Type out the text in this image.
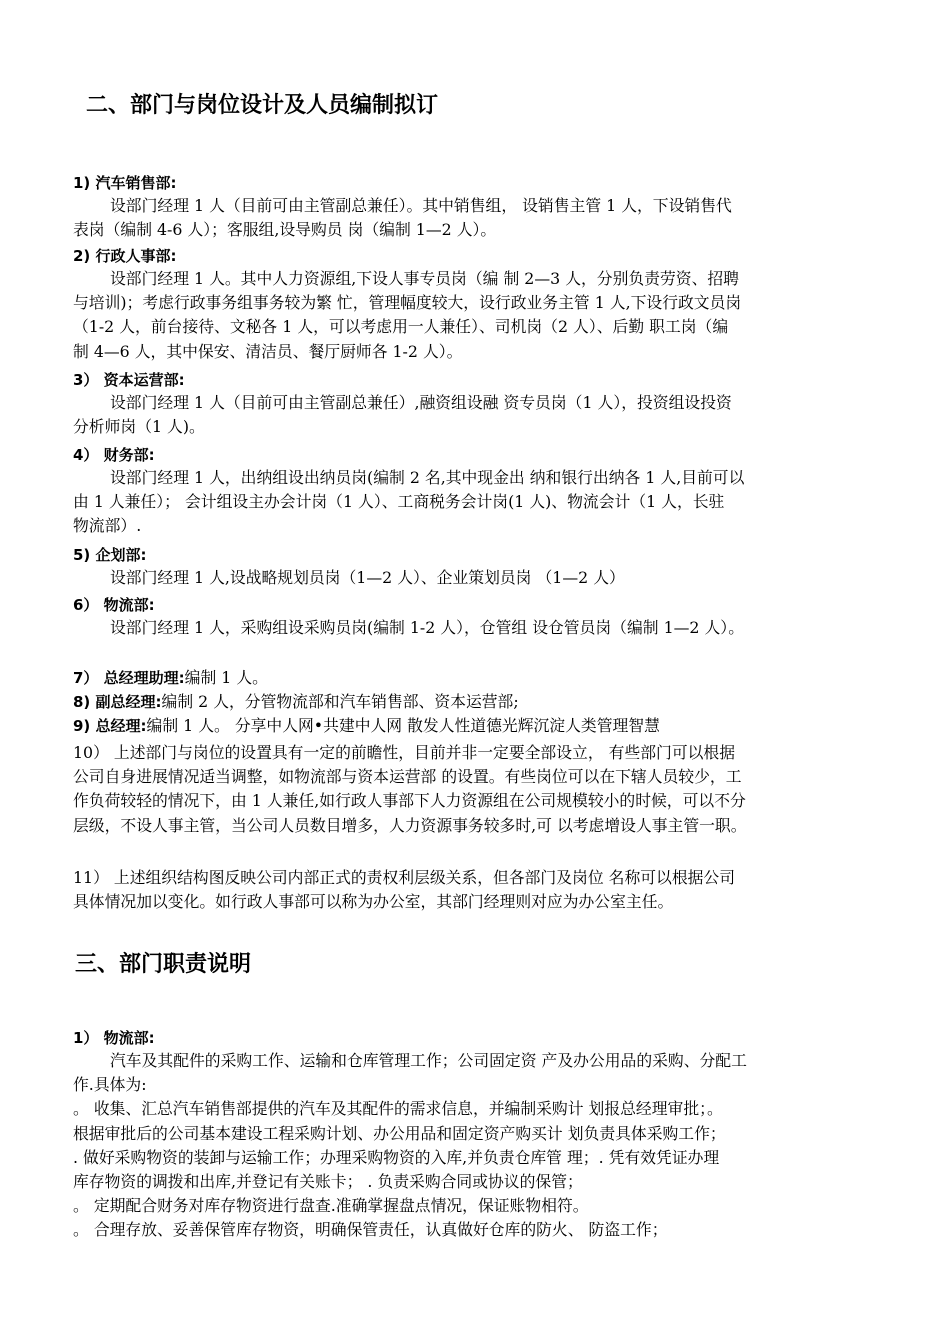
二、部门与岗位设计及人员编制拟订
1) 汽车销售部:
设部门经理 1 人（目前可由主管副总兼任）。其中销售组， 设销售主管 1 人，下设销售代
表岗（编制 4-6 人）；客服组,设导购员 岗（编制 1—2 人）。
2) 行政人事部:
设部门经理 1 人。其中人力资源组,下设人事专员岗（编 制 2—3 人，分别负责劳资、招聘
与培训)；考虑行政事务组事务较为繁 忙，管理幅度较大，设行政业务主管 1 人,下设行政文员岗
（1-2 人，前台接待、文秘各 1 人，可以考虑用一人兼任）、司机岗（2 人）、后勤 职工岗（编
制 4—6 人，其中保安、清洁员、餐厅厨师各 1-2 人）。
3） 资本运营部:
设部门经理 1 人（目前可由主管副总兼任）,融资组设融 资专员岗（1 人），投资组设投资
分析师岗（1 人)。
4） 财务部:
设部门经理 1 人，出纳组设出纳员岗(编制 2 名,其中现金出 纳和银行出纳各 1 人,目前可以
由 1 人兼任）； 会计组设主办会计岗（1 人）、工商税务会计岗(1 人)、物流会计（1 人，长驻
物流部）.
5) 企划部:
设部门经理 1 人,设战略规划员岗（1—2 人）、企业策划员岗 （1—2 人）
6） 物流部:
设部门经理 1 人，采购组设采购员岗(编制 1-2 人），仓管组 设仓管员岗（编制 1—2 人）。
7） 总经理助理:编制 1 人。
8) 副总经理:编制 2 人，分管物流部和汽车销售部、资本运营部;
9) 总经理:编制 1 人。 分享中人网•共建中人网 散发人性道德光辉沉淀人类管理智慧
10） 上述部门与岗位的设置具有一定的前瞻性，目前并非一定要全部设立， 有些部门可以根据
公司自身进展情况适当调整，如物流部与资本运营部 的设置。有些岗位可以在下辖人员较少，工
作负荷较轻的情况下，由 1 人兼任,如行政人事部下人力资源组在公司规模较小的时候，可以不分
层级，不设人事主管，当公司人员数目增多，人力资源事务较多时,可 以考虑增设人事主管一职。
11） 上述组织结构图反映公司内部正式的责权利层级关系，但各部门及岗位 名称可以根据公司
具体情况加以变化。如行政人事部可以称为办公室，其部门经理则对应为办公室主任。
三、部门职责说明
1） 物流部:
汽车及其配件的采购工作、运输和仓库管理工作；公司固定资 产及办公用品的采购、分配工
作.具体为:
。 收集、汇总汽车销售部提供的汽车及其配件的需求信息，并编制采购计 划报总经理审批；。
根据审批后的公司基本建设工程采购计划、办公用品和固定资产购买计 划负责具体采购工作；
. 做好采购物资的装卸与运输工作；办理采购物资的入库,并负责仓库管 理；. 凭有效凭证办理
库存物资的调拨和出库,并登记有关账卡； . 负责采购合同或协议的保管；
。 定期配合财务对库存物资进行盘查.准确掌握盘点情况，保证账物相符。
。 合理存放、妥善保管库存物资，明确保管责任，认真做好仓库的防火、 防盗工作；
